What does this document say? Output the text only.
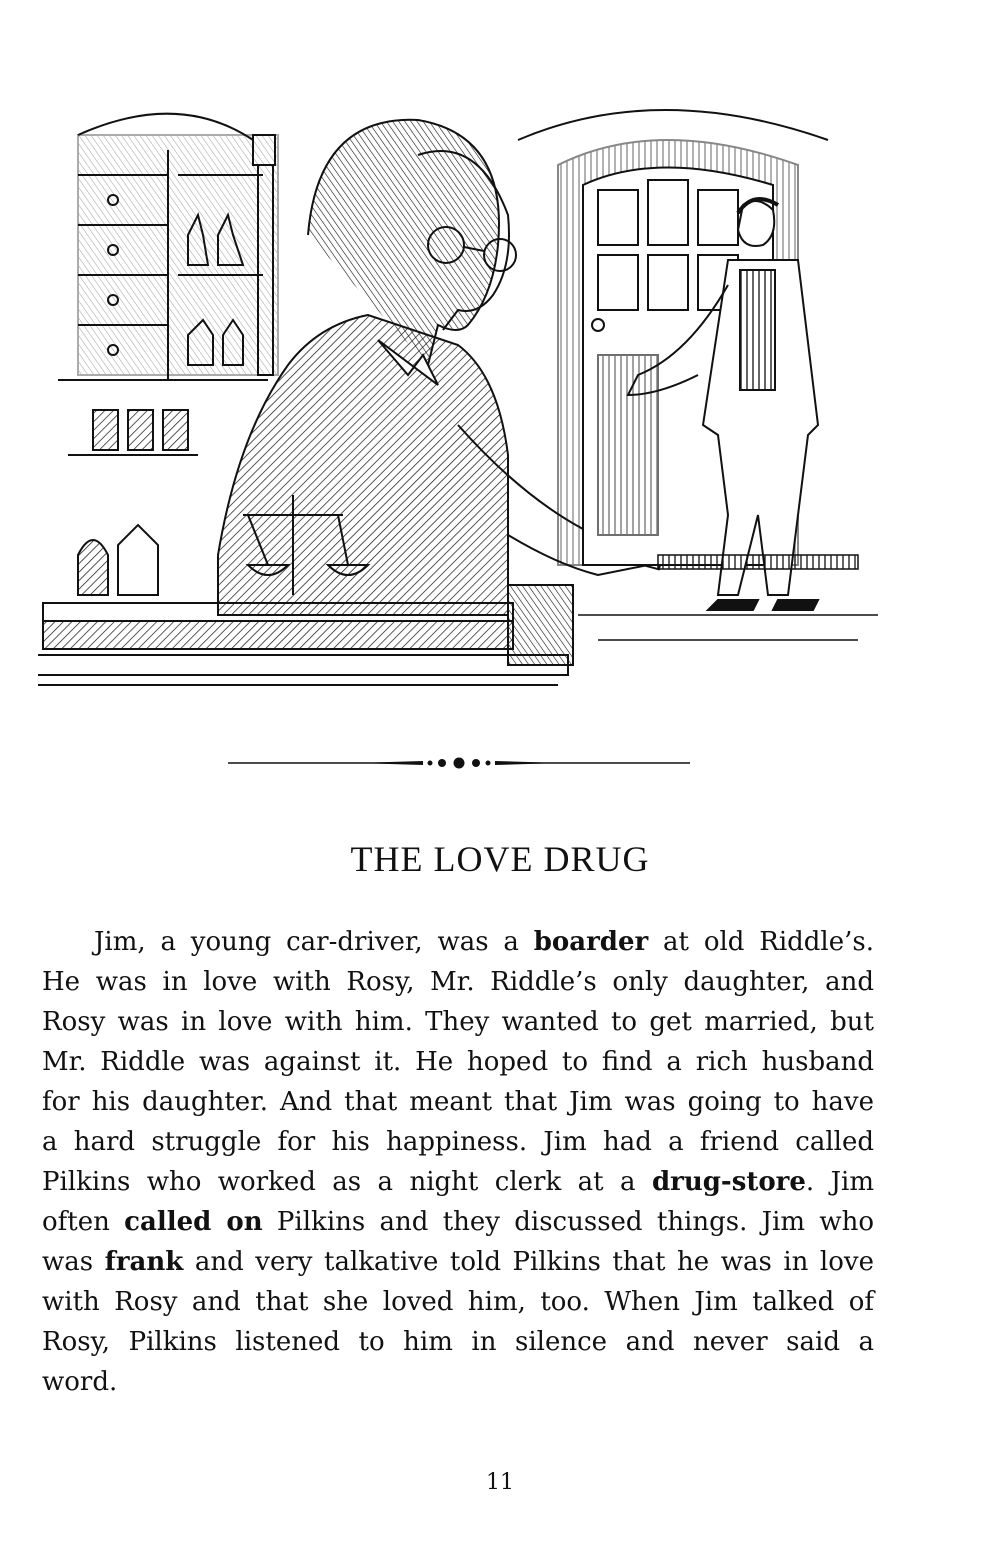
THE LOVE DRUG

Jim, a young car-driver, was a boarder at old Riddle’s. He was in love with Rosy, Mr. Riddle’s only daughter, and Rosy was in love with him. They wanted to get married, but Mr. Riddle was against it. He hoped to find a rich husband for his daughter. And that meant that Jim was going to have a hard struggle for his happiness. Jim had a friend called Pilkins who worked as a night clerk at a drug-store. Jim often called on Pilkins and they discussed things. Jim who was frank and very talkative told Pilkins that he was in love with Rosy and that she loved him, too. When Jim talked of Rosy, Pilkins listened to him in silence and never said a word.

11
